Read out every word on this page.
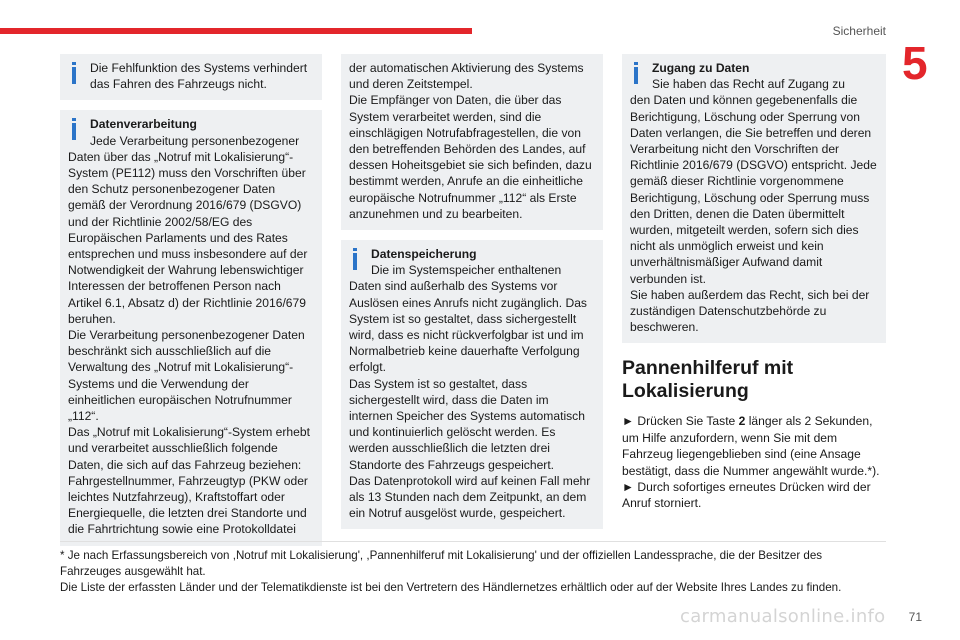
Sicherheit
5
Die Fehlfunktion des Systems verhindert das Fahren des Fahrzeugs nicht.
Datenverarbeitung
Jede Verarbeitung personenbezogener
Daten über das „Notruf mit Lokalisierung“-System (PE112) muss den Vorschriften über den Schutz personenbezogener Daten gemäß der Verordnung 2016/679 (DSGVO) und der Richtlinie 2002/58/EG des Europäischen Parlaments und des Rates entsprechen und muss insbesondere auf der Notwendigkeit der Wahrung lebenswichtiger Interessen der betroffenen Person nach Artikel 6.1, Absatz d) der Richtlinie 2016/679 beruhen.
Die Verarbeitung personenbezogener Daten beschränkt sich ausschließlich auf die Verwaltung des „Notruf mit Lokalisierung“-Systems und die Verwendung der einheitlichen europäischen Notrufnummer „112“.
Das „Notruf mit Lokalisierung“-System erhebt und verarbeitet ausschließlich folgende Daten, die sich auf das Fahrzeug beziehen: Fahrgestellnummer, Fahrzeugtyp (PKW oder leichtes Nutzfahrzeug), Kraftstoffart oder Energiequelle, die letzten drei Standorte und die Fahrtrichtung sowie eine Protokolldatei
der automatischen Aktivierung des Systems und deren Zeitstempel.
Die Empfänger von Daten, die über das System verarbeitet werden, sind die einschlägigen Notrufabfragestellen, die von den betreffenden Behörden des Landes, auf dessen Hoheitsgebiet sie sich befinden, dazu bestimmt werden, Anrufe an die einheitliche europäische Notrufnummer „112“ als Erste anzunehmen und zu bearbeiten.
Datenspeicherung
Die im Systemspeicher enthaltenen
Daten sind außerhalb des Systems vor Auslösen eines Anrufs nicht zugänglich. Das System ist so gestaltet, dass sichergestellt wird, dass es nicht rückverfolgbar ist und im Normalbetrieb keine dauerhafte Verfolgung erfolgt.
Das System ist so gestaltet, dass sichergestellt wird, dass die Daten im internen Speicher des Systems automatisch und kontinuierlich gelöscht werden. Es werden ausschließlich die letzten drei Standorte des Fahrzeugs gespeichert.
Das Datenprotokoll wird auf keinen Fall mehr als 13 Stunden nach dem Zeitpunkt, an dem ein Notruf ausgelöst wurde, gespeichert.
Zugang zu Daten
Sie haben das Recht auf Zugang zu
den Daten und können gegebenenfalls die Berichtigung, Löschung oder Sperrung von Daten verlangen, die Sie betreffen und deren Verarbeitung nicht den Vorschriften der Richtlinie 2016/679 (DSGVO) entspricht. Jede gemäß dieser Richtlinie vorgenommene Berichtigung, Löschung oder Sperrung muss den Dritten, denen die Daten übermittelt wurden, mitgeteilt werden, sofern sich dies nicht als unmöglich erweist und kein unverhältnismäßiger Aufwand damit verbunden ist.
Sie haben außerdem das Recht, sich bei der zuständigen Datenschutzbehörde zu beschweren.
Pannenhilferuf mit Lokalisierung

► Drücken Sie Taste 2 länger als 2 Sekunden, um Hilfe anzufordern, wenn Sie mit dem Fahrzeug liegengeblieben sind (eine Ansage bestätigt, dass die Nummer angewählt wurde.*).

► Durch sofortiges erneutes Drücken wird der Anruf storniert.

* Je nach Erfassungsbereich von ,Notruf mit Lokalisierung', ,Pannenhilferuf mit Lokalisierung' und der offiziellen Landessprache, die der Besitzer des Fahrzeuges ausgewählt hat.
Die Liste der erfassten Länder und der Telematikdienste ist bei den Vertretern des Händlernetzes erhältlich oder auf der Website Ihres Landes zu finden.
carmanualsonline.info 71
